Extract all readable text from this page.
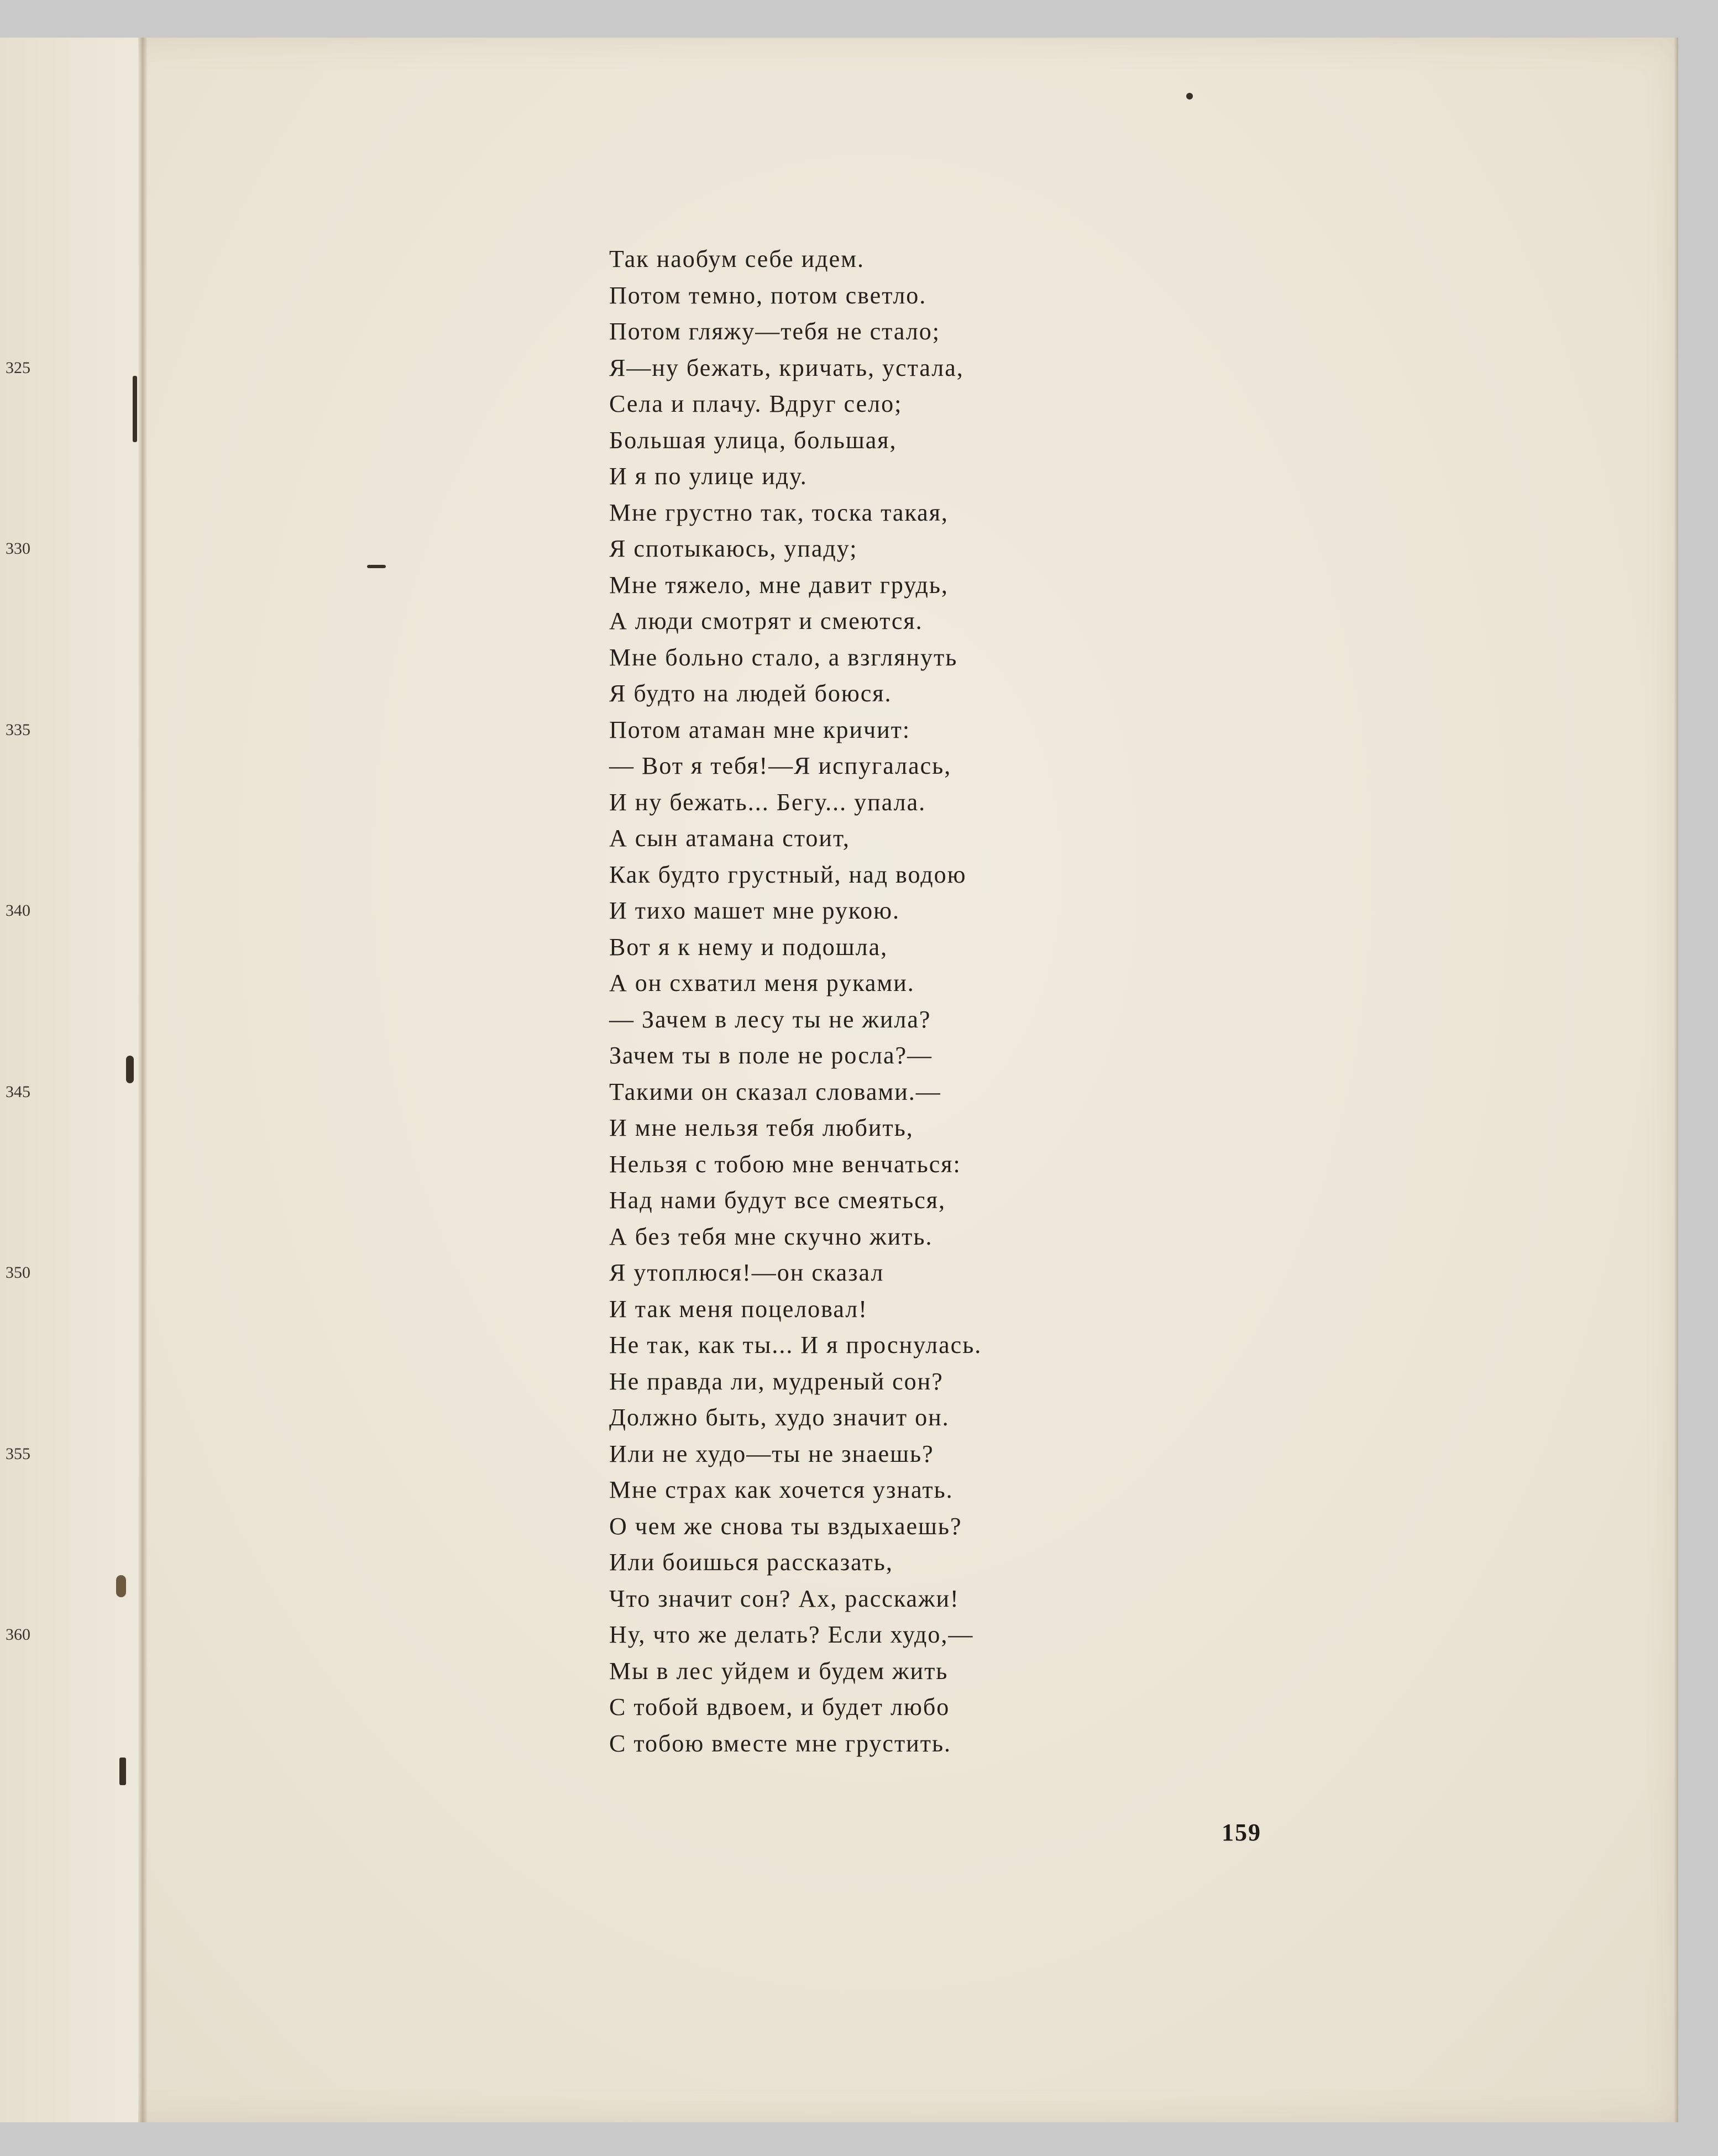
Так наобум себе идем.
Потом темно, потом светло.
Потом гляжу—тебя не стало;
325	Я—ну бежать, кричать, устала,
Села и плачу. Вдруг село;
Большая улица, большая,
И я по улице иду.
Мне грустно так, тоска такая,
330	Я спотыкаюсь, упаду;
Мне тяжело, мне давит грудь,
А люди смотрят и смеются.
Мне больно стало, а взглянуть
Я будто на людей боюся.
335	Потом атаман мне кричит:
— Вот я тебя!—Я испугалась,
И ну бежать... Бегу... упала.
А сын атамана стоит,
Как будто грустный, над водою
340	И тихо машет мне рукою.
Вот я к нему и подошла,
А он схватил меня руками.
— Зачем в лесу ты не жила?
Зачем ты в поле не росла?—
345	Такими он сказал словами.—
И мне нельзя тебя любить,
Нельзя с тобою мне венчаться:
Над нами будут все смеяться,
А без тебя мне скучно жить.
350	Я утоплюся!—он сказал
И так меня поцеловал!
Не так, как ты... И я проснулась.
Не правда ли, мудреный сон?
Должно быть, худо значит он.
355	Или не худо—ты не знаешь?
Мне страх как хочется узнать.
О чем же снова ты вздыхаешь?
Или боишься рассказать,
Что значит сон? Ах, расскажи!
360	Ну, что же делать? Если худо,—
Мы в лес уйдем и будем жить
С тобой вдвоем, и будет любо
С тобою вместе мне грустить.
159
